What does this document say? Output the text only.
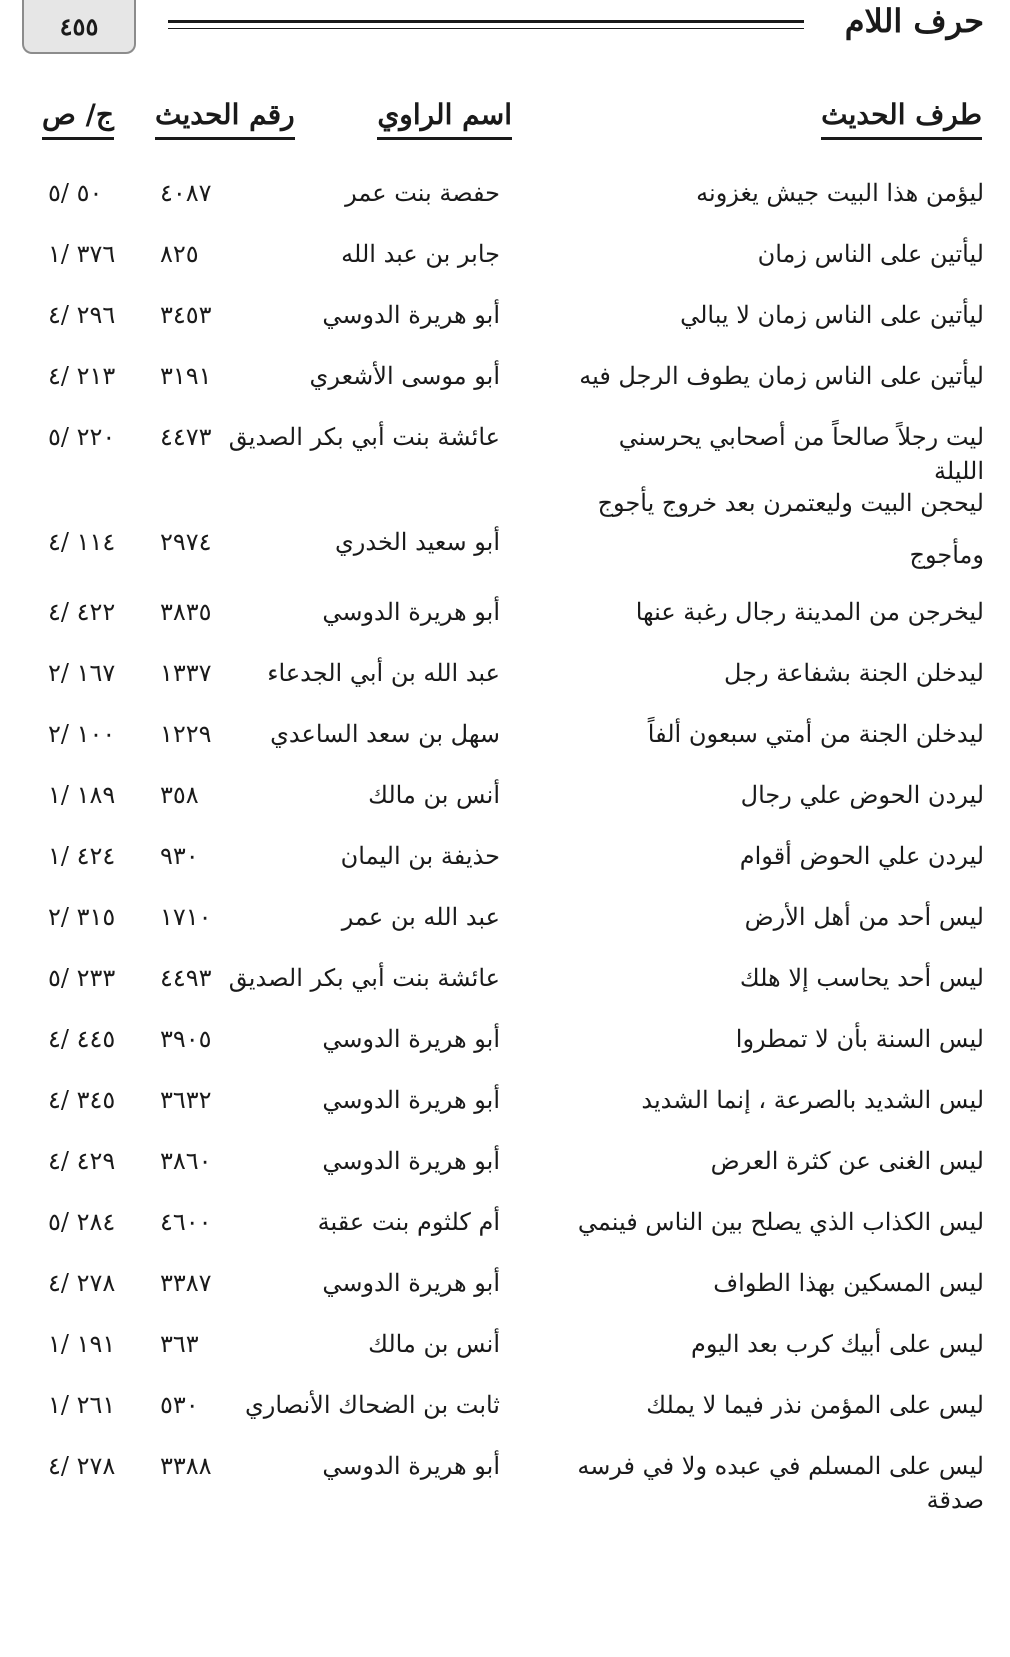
٤٥٥	حرف اللام
طرف الحديث
اسم الراوي
رقم الحديث
ج/ ص
ليؤمن هذا البيت جيش يغزونه
حفصة بنت عمر
٤٠٨٧
٥٠ /٥
ليأتين على الناس زمان
جابر بن عبد الله
٨٢٥
٣٧٦ /١
ليأتين على الناس زمان لا يبالي
أبو هريرة الدوسي
٣٤٥٣
٢٩٦ /٤
ليأتين على الناس زمان يطوف الرجل فيه
أبو موسى الأشعري
٣١٩١
٢١٣ /٤
ليت رجلاً صالحاً من أصحابي يحرسني الليلة
عائشة بنت أبي بكر الصديق
٤٤٧٣
٢٢٠ /٥
ليحجن البيت وليعتمرن بعد خروج يأجوج ومأجوج
أبو سعيد الخدري
٢٩٧٤
١١٤ /٤
ليخرجن من المدينة رجال رغبة عنها
أبو هريرة الدوسي
٣٨٣٥
٤٢٢ /٤
ليدخلن الجنة بشفاعة رجل
عبد الله بن أبي الجدعاء
١٣٣٧
١٦٧ /٢
ليدخلن الجنة من أمتي سبعون ألفاً
سهل بن سعد الساعدي
١٢٢٩
١٠٠ /٢
ليردن الحوض علي رجال
أنس بن مالك
٣٥٨
١٨٩ /١
ليردن علي الحوض أقوام
حذيفة بن اليمان
٩٣٠
٤٢٤ /١
ليس أحد من أهل الأرض
عبد الله بن عمر
١٧١٠
٣١٥ /٢
ليس أحد يحاسب إلا هلك
عائشة بنت أبي بكر الصديق
٤٤٩٣
٢٣٣ /٥
ليس السنة بأن لا تمطروا
أبو هريرة الدوسي
٣٩٠٥
٤٤٥ /٤
ليس الشديد بالصرعة ، إنما الشديد
أبو هريرة الدوسي
٣٦٣٢
٣٤٥ /٤
ليس الغنى عن كثرة العرض
أبو هريرة الدوسي
٣٨٦٠
٤٢٩ /٤
ليس الكذاب الذي يصلح بين الناس فينمي
أم كلثوم بنت عقبة
٤٦٠٠
٢٨٤ /٥
ليس المسكين بهذا الطواف
أبو هريرة الدوسي
٣٣٨٧
٢٧٨ /٤
ليس على أبيك كرب بعد اليوم
أنس بن مالك
٣٦٣
١٩١ /١
ليس على المؤمن نذر فيما لا يملك
ثابت بن الضحاك الأنصاري
٥٣٠
٢٦١ /١
ليس على المسلم في عبده ولا في فرسه صدقة
أبو هريرة الدوسي
٣٣٨٨
٢٧٨ /٤
